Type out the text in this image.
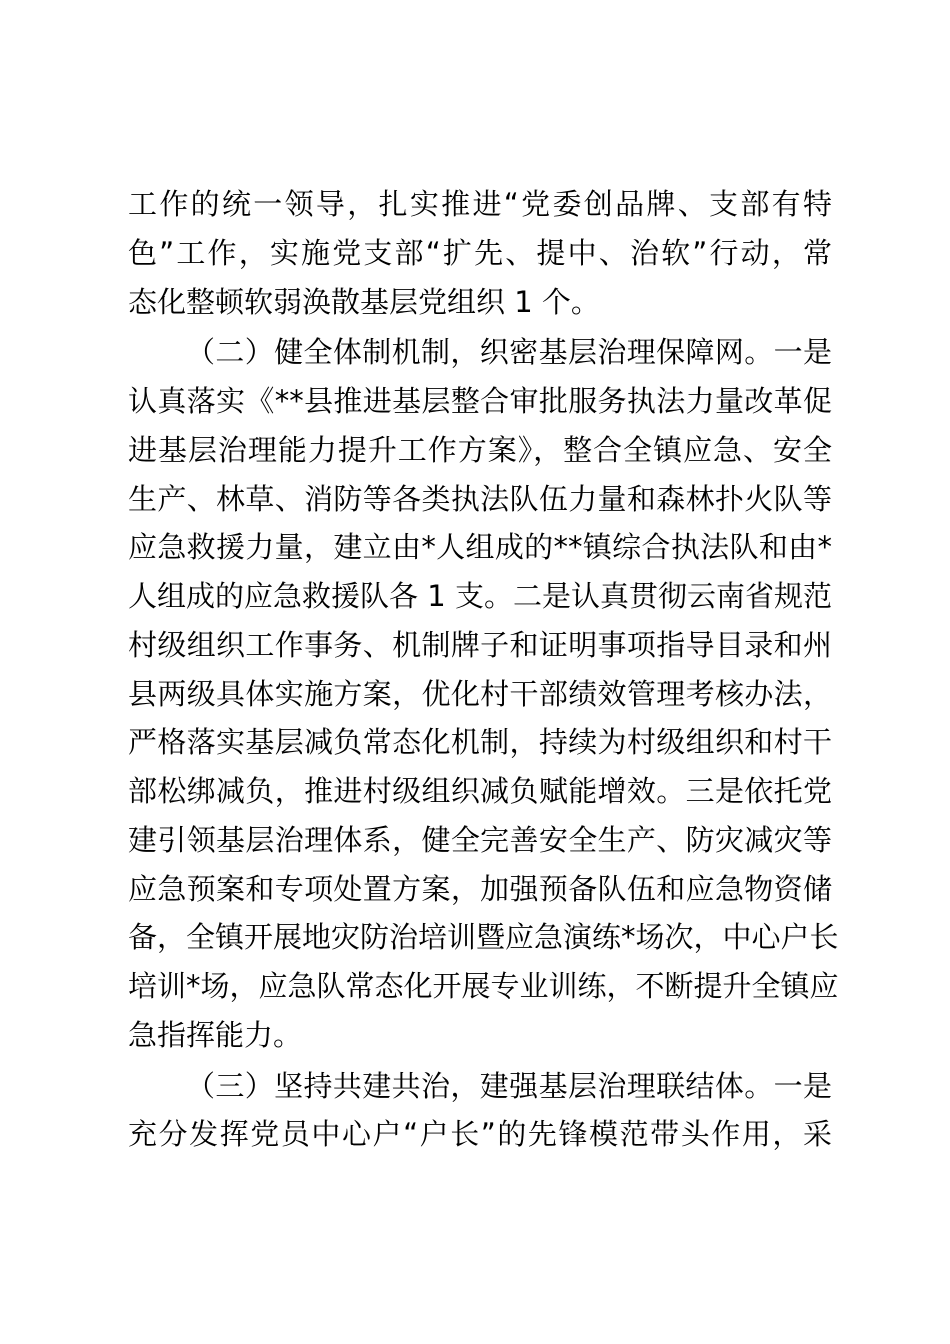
工作的统一领导，扎实推进“党委创品牌、支部有特
色”工作，实施党支部“扩先、提中、治软”行动，常
态化整顿软弱涣散基层党组织 1 个。
（二）健全体制机制，织密基层治理保障网。一是
认真落实《**县推进基层整合审批服务执法力量改革促
进基层治理能力提升工作方案》，整合全镇应急、安全
生产、林草、消防等各类执法队伍力量和森林扑火队等
应急救援力量，建立由*人组成的**镇综合执法队和由*
人组成的应急救援队各 1 支。二是认真贯彻云南省规范
村级组织工作事务、机制牌子和证明事项指导目录和州
县两级具体实施方案，优化村干部绩效管理考核办法，
严格落实基层减负常态化机制，持续为村级组织和村干
部松绑减负，推进村级组织减负赋能增效。三是依托党
建引领基层治理体系，健全完善安全生产、防灾减灾等
应急预案和专项处置方案，加强预备队伍和应急物资储
备，全镇开展地灾防治培训暨应急演练*场次，中心户长
培训*场，应急队常态化开展专业训练，不断提升全镇应
急指挥能力。
（三）坚持共建共治，建强基层治理联结体。一是
充分发挥党员中心户“户长”的先锋模范带头作用，采
